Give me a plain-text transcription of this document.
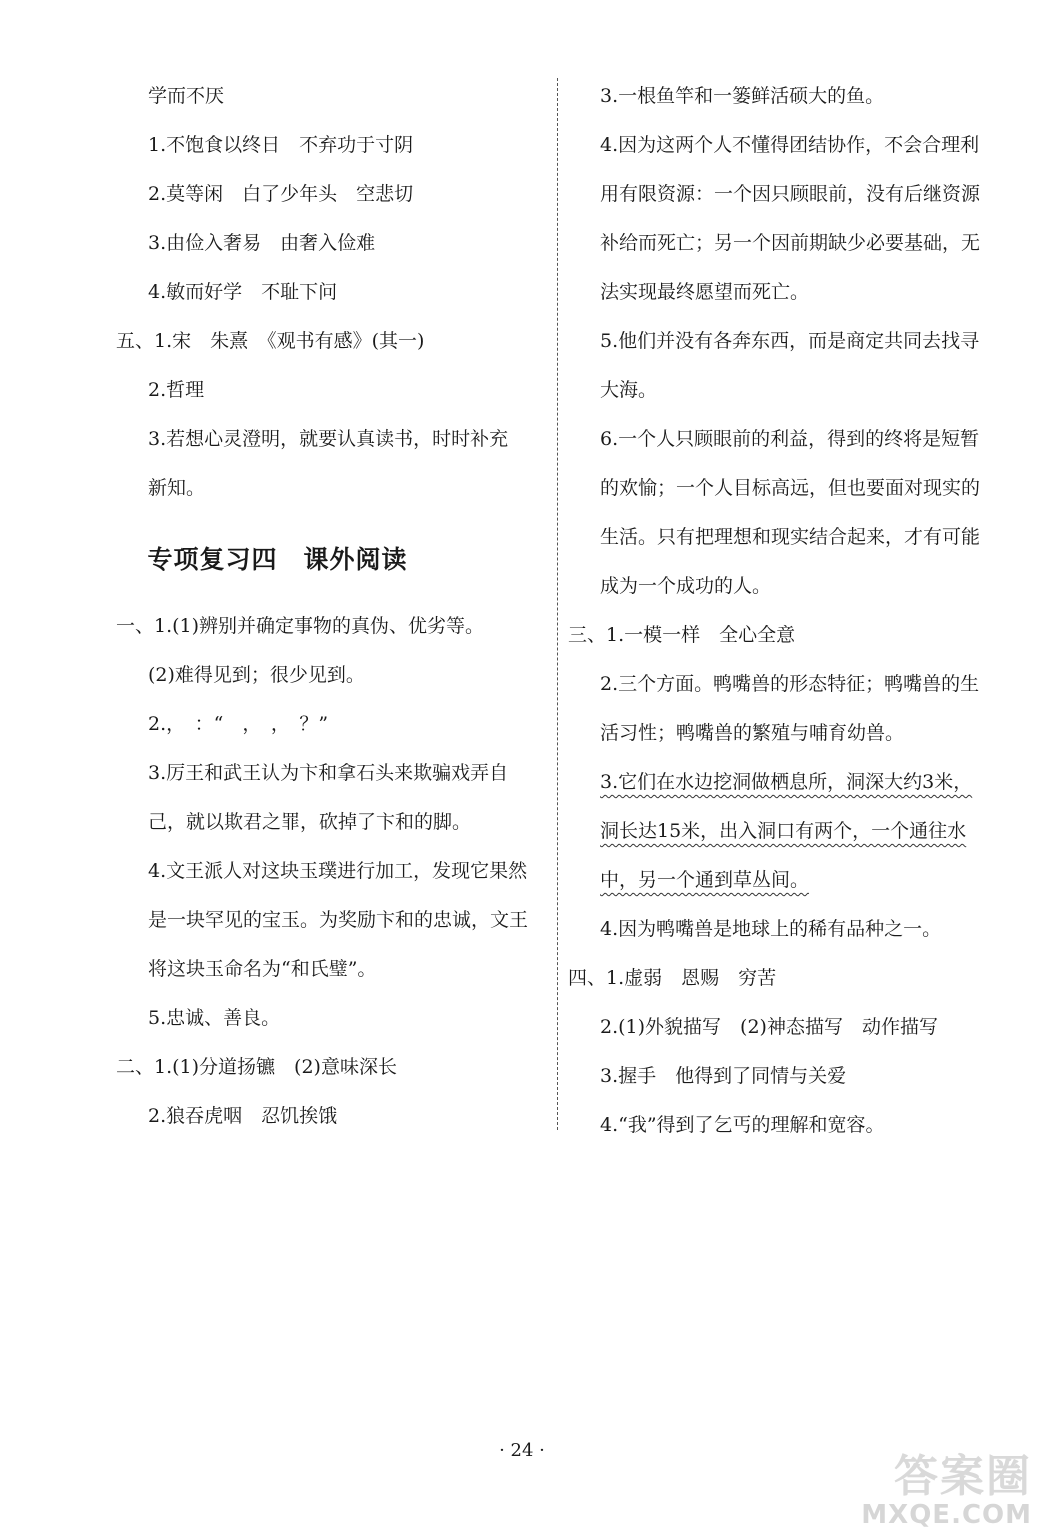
学而不厌
1.不饱食以终日　不弃功于寸阴
2.莫等闲　白了少年头　空悲切
3.由俭入奢易　由奢入俭难
4.敏而好学　不耻下问
五、1.宋　朱熹　《观书有感》(其一)
2.哲理
3.若想心灵澄明，就要认真读书，时时补充
新知。
专项复习四　课外阅读
一、1.(1)辨别并确定事物的真伪、优劣等。
(2)难得见到；很少见到。
2.，　：“　，　，　？”
3.厉王和武王认为卞和拿石头来欺骗戏弄自
己，就以欺君之罪，砍掉了卞和的脚。
4.文王派人对这块玉璞进行加工，发现它果然
是一块罕见的宝玉。为奖励卞和的忠诚，文王
将这块玉命名为“和氏璧”。
5.忠诚、善良。
二、1.(1)分道扬镳　(2)意味深长
2.狼吞虎咽　忍饥挨饿
3.一根鱼竿和一篓鲜活硕大的鱼。
4.因为这两个人不懂得团结协作，不会合理利
用有限资源：一个因只顾眼前，没有后继资源
补给而死亡；另一个因前期缺少必要基础，无
法实现最终愿望而死亡。
5.他们并没有各奔东西，而是商定共同去找寻
大海。
6.一个人只顾眼前的利益，得到的终将是短暂
的欢愉；一个人目标高远，但也要面对现实的
生活。只有把理想和现实结合起来，才有可能
成为一个成功的人。
三、1.一模一样　全心全意
2.三个方面。鸭嘴兽的形态特征；鸭嘴兽的生
活习性；鸭嘴兽的繁殖与哺育幼兽。
3.它们在水边挖洞做栖息所，洞深大约3米，
洞长达15米，出入洞口有两个，一个通往水
中，另一个通到草丛间。
4.因为鸭嘴兽是地球上的稀有品种之一。
四、1.虚弱　恩赐　穷苦
2.(1)外貌描写　(2)神态描写　动作描写
3.握手　他得到了同情与关爱
4.“我”得到了乞丐的理解和宽容。
· 24 ·
答案圈
MXQE.COM
